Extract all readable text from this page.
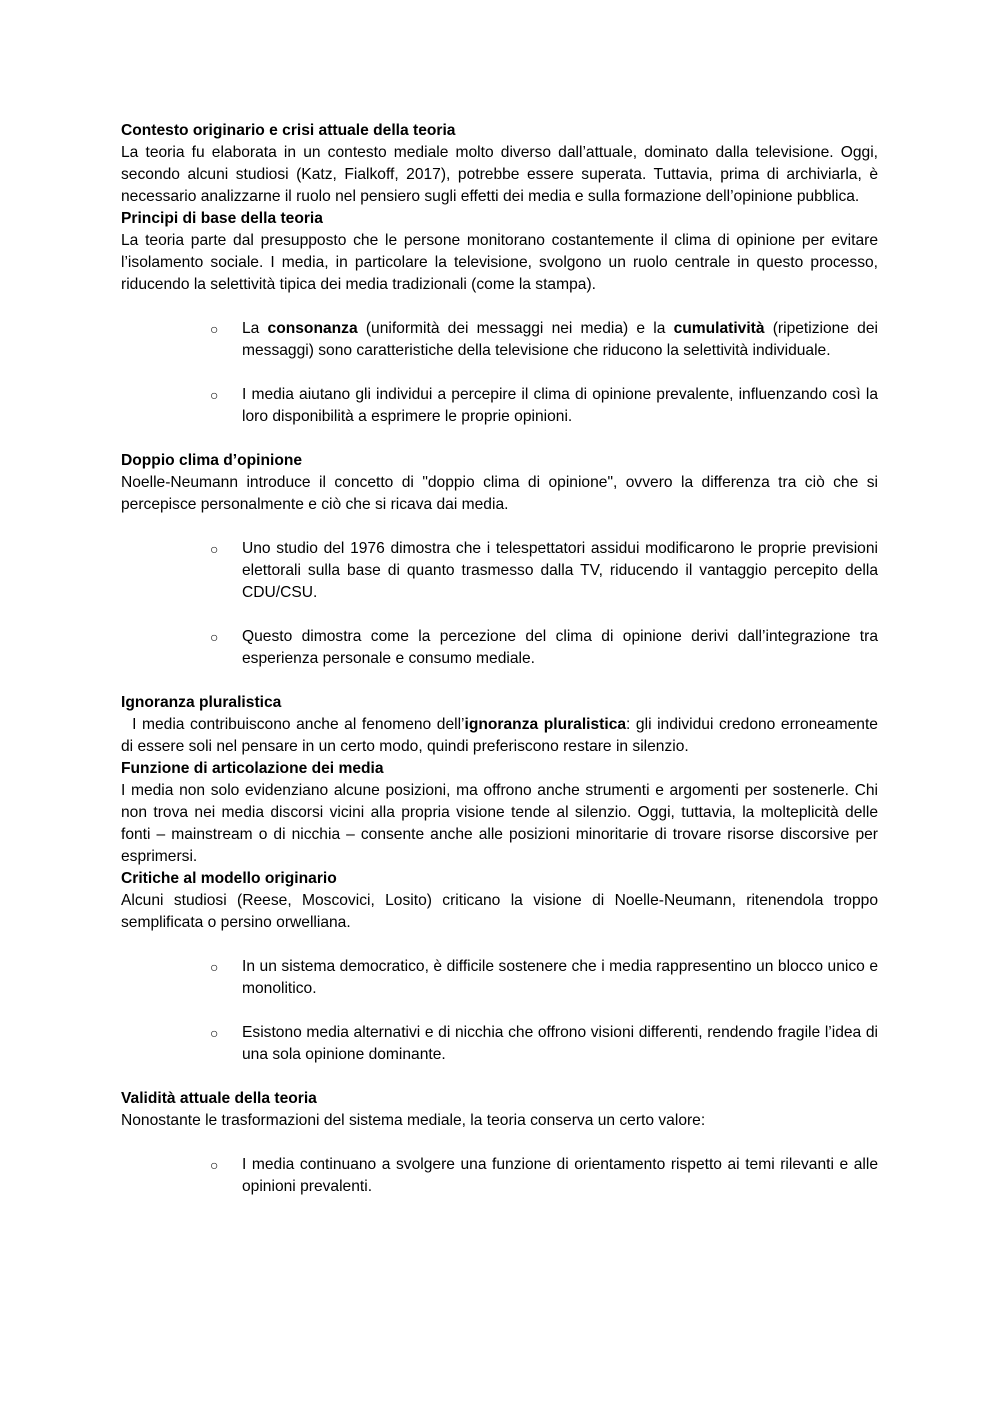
Contesto originario e crisi attuale della teoria

La teoria fu elaborata in un contesto mediale molto diverso dall’attuale, dominato dalla televisione. Oggi, secondo alcuni studiosi (Katz, Fialkoff, 2017), potrebbe essere superata. Tuttavia, prima di archiviarla, è necessario analizzarne il ruolo nel pensiero sugli effetti dei media e sulla formazione dell’opinione pubblica.

Principi di base della teoria

La teoria parte dal presupposto che le persone monitorano costantemente il clima di opinione per evitare l’isolamento sociale. I media, in particolare la televisione, svolgono un ruolo centrale in questo processo, riducendo la selettività tipica dei media tradizionali (come la stampa).

○ La consonanza (uniformità dei messaggi nei media) e la cumulatività (ripetizione dei messaggi) sono caratteristiche della televisione che riducono la selettività individuale.
○ I media aiutano gli individui a percepire il clima di opinione prevalente, influenzando così la loro disponibilità a esprimere le proprie opinioni.
Doppio clima d’opinione

Noelle-Neumann introduce il concetto di "doppio clima di opinione", ovvero la differenza tra ciò che si percepisce personalmente e ciò che si ricava dai media.

○ Uno studio del 1976 dimostra che i telespettatori assidui modificarono le proprie previsioni elettorali sulla base di quanto trasmesso dalla TV, riducendo il vantaggio percepito della CDU/CSU.
○ Questo dimostra come la percezione del clima di opinione derivi dall’integrazione tra esperienza personale e consumo mediale.
Ignoranza pluralistica

I media contribuiscono anche al fenomeno dell’ignoranza pluralistica: gli individui credono erroneamente di essere soli nel pensare in un certo modo, quindi preferiscono restare in silenzio.

Funzione di articolazione dei media

I media non solo evidenziano alcune posizioni, ma offrono anche strumenti e argomenti per sostenerle. Chi non trova nei media discorsi vicini alla propria visione tende al silenzio. Oggi, tuttavia, la molteplicità delle fonti – mainstream o di nicchia – consente anche alle posizioni minoritarie di trovare risorse discorsive per esprimersi.

Critiche al modello originario

Alcuni studiosi (Reese, Moscovici, Losito) criticano la visione di Noelle-Neumann, ritenendola troppo semplificata o persino orwelliana.

○ In un sistema democratico, è difficile sostenere che i media rappresentino un blocco unico e monolitico.
○ Esistono media alternativi e di nicchia che offrono visioni differenti, rendendo fragile l’idea di una sola opinione dominante.
Validità attuale della teoria

Nonostante le trasformazioni del sistema mediale, la teoria conserva un certo valore:

○ I media continuano a svolgere una funzione di orientamento rispetto ai temi rilevanti e alle opinioni prevalenti.
